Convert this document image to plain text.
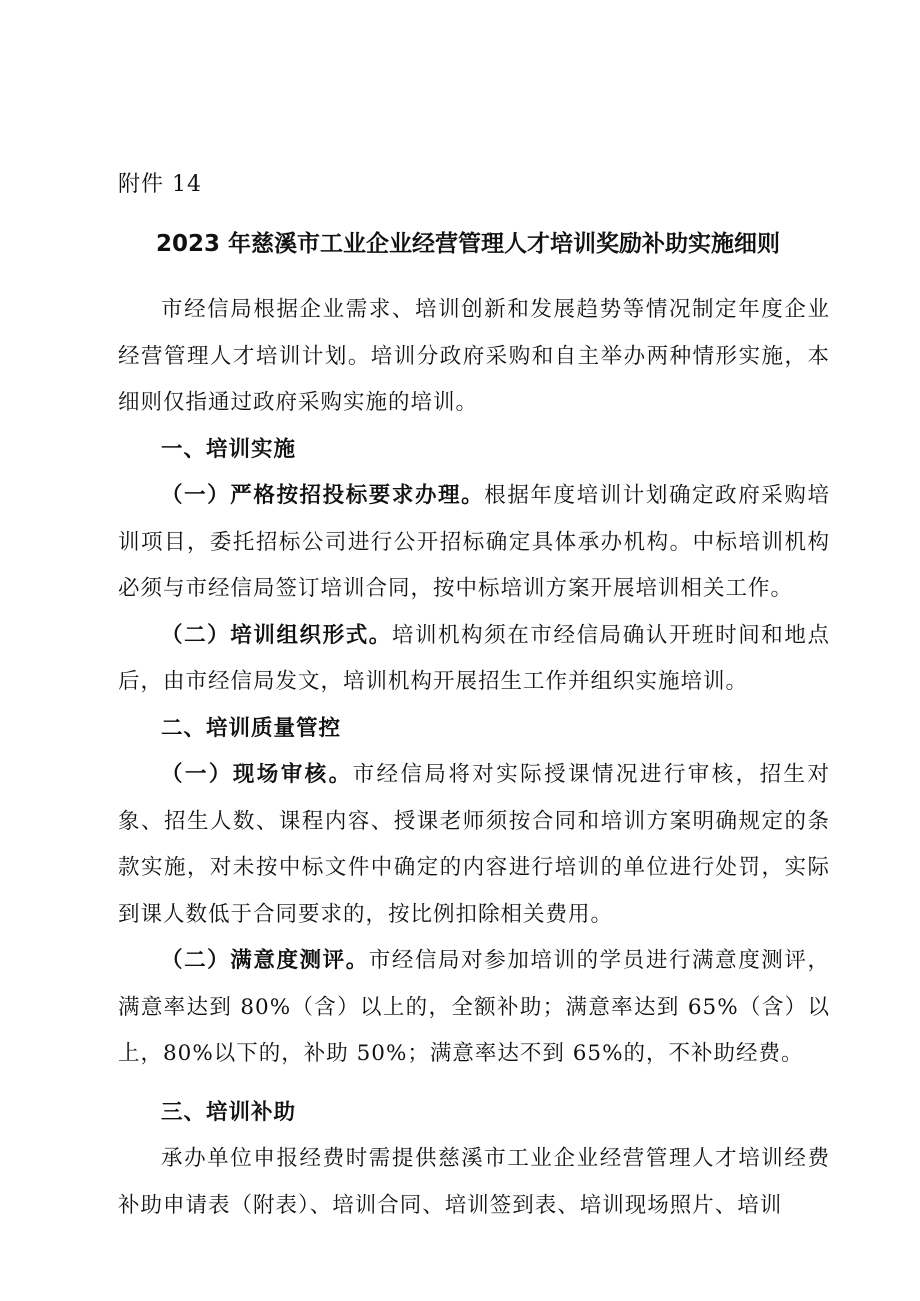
附件 14
2023 年慈溪市工业企业经营管理人才培训奖励补助实施细则

市经信局根据企业需求、培训创新和发展趋势等情况制定年度企业经营管理人才培训计划。培训分政府采购和自主举办两种情形实施，本细则仅指通过政府采购实施的培训。

一、培训实施

（一）严格按招投标要求办理。根据年度培训计划确定政府采购培训项目，委托招标公司进行公开招标确定具体承办机构。中标培训机构必须与市经信局签订培训合同，按中标培训方案开展培训相关工作。

（二）培训组织形式。培训机构须在市经信局确认开班时间和地点后，由市经信局发文，培训机构开展招生工作并组织实施培训。

二、培训质量管控

（一）现场审核。市经信局将对实际授课情况进行审核，招生对象、招生人数、课程内容、授课老师须按合同和培训方案明确规定的条款实施，对未按中标文件中确定的内容进行培训的单位进行处罚，实际到课人数低于合同要求的，按比例扣除相关费用。

（二）满意度测评。市经信局对参加培训的学员进行满意度测评，满意率达到 80%（含）以上的，全额补助；满意率达到 65%（含）以上，80%以下的，补助 50%；满意率达不到 65%的，不补助经费。

三、培训补助

承办单位申报经费时需提供慈溪市工业企业经营管理人才培训经费补助申请表（附表）、培训合同、培训签到表、培训现场照片、培训
